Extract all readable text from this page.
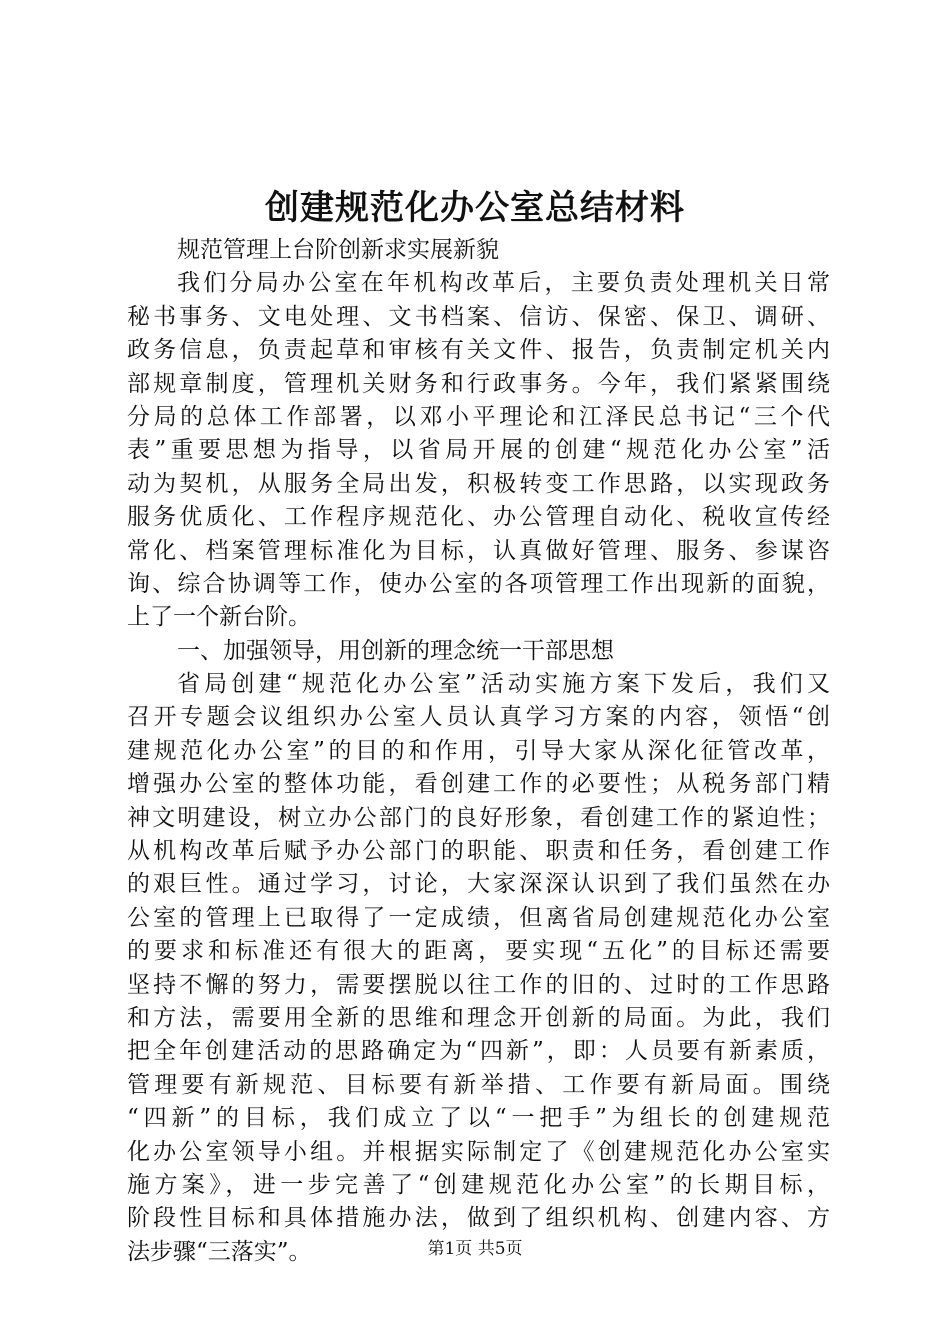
创建规范化办公室总结材料
规范管理上台阶创新求实展新貌
我们分局办公室在年机构改革后，主要负责处理机关日常
秘书事务、文电处理、文书档案、信访、保密、保卫、调研、
政务信息，负责起草和审核有关文件、报告，负责制定机关内
部规章制度，管理机关财务和行政事务。今年，我们紧紧围绕
分局的总体工作部署，以邓小平理论和江泽民总书记“三个代
表”重要思想为指导，以省局开展的创建“规范化办公室”活
动为契机，从服务全局出发，积极转变工作思路，以实现政务
服务优质化、工作程序规范化、办公管理自动化、税收宣传经
常化、档案管理标准化为目标，认真做好管理、服务、参谋咨
询、综合协调等工作，使办公室的各项管理工作出现新的面貌，
上了一个新台阶。
一、加强领导，用创新的理念统一干部思想
省局创建“规范化办公室”活动实施方案下发后，我们又
召开专题会议组织办公室人员认真学习方案的内容，领悟“创
建规范化办公室”的目的和作用，引导大家从深化征管改革，
增强办公室的整体功能，看创建工作的必要性；从税务部门精
神文明建设，树立办公部门的良好形象，看创建工作的紧迫性；
从机构改革后赋予办公部门的职能、职责和任务，看创建工作
的艰巨性。通过学习，讨论，大家深深认识到了我们虽然在办
公室的管理上已取得了一定成绩，但离省局创建规范化办公室
的要求和标准还有很大的距离，要实现“五化”的目标还需要
坚持不懈的努力，需要摆脱以往工作的旧的、过时的工作思路
和方法，需要用全新的思维和理念开创新的局面。为此，我们
把全年创建活动的思路确定为“四新”，即：人员要有新素质，
管理要有新规范、目标要有新举措、工作要有新局面。围绕
“四新”的目标，我们成立了以“一把手”为组长的创建规范
化办公室领导小组。并根据实际制定了《创建规范化办公室实
施方案》，进一步完善了“创建规范化办公室”的长期目标，
阶段性目标和具体措施办法，做到了组织机构、创建内容、方
法步骤“三落实”。	第1页 共5页
